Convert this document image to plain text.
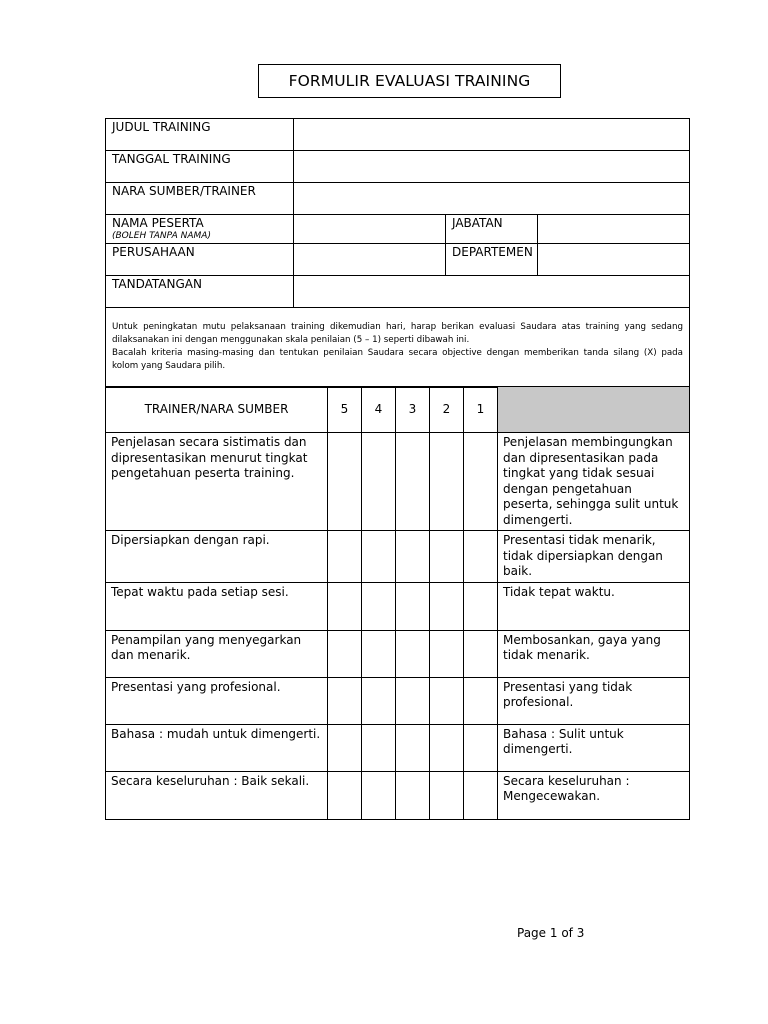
FORMULIR EVALUASI TRAINING
JUDUL TRAINING			
TANGGAL TRAINING			
NARA SUMBER/TRAINER			
NAMA PESERTA
(BOLEH TANPA NAMA)		JABATAN	
PERUSAHAAN		DEPARTEMEN	
TANDATANGAN			

Untuk peningkatan mutu pelaksanaan training dikemudian hari, harap berikan evaluasi Saudara atas training yang sedang dilaksanakan ini dengan menggunakan skala penilaian (5 – 1) seperti dibawah ini.
Bacalah kriteria masing-masing dan tentukan penilaian Saudara secara objective dengan memberikan tanda silang (X) pada kolom yang Saudara pilih.			
TRAINER/NARA SUMBER	5	4	3	2	1	
Penjelasan secara sistimatis dan dipresentasikan menurut tingkat pengetahuan peserta training.						Penjelasan membingungkan dan dipresentasikan pada tingkat yang tidak sesuai dengan pengetahuan peserta, sehingga sulit untuk dimengerti.
Dipersiapkan dengan rapi.						Presentasi tidak menarik, tidak dipersiapkan dengan baik.
Tepat waktu pada setiap sesi.						Tidak tepat waktu.
Penampilan yang menyegarkan dan menarik.						Membosankan, gaya yang tidak menarik.
Presentasi yang profesional.						Presentasi yang tidak profesional.
Bahasa : mudah untuk dimengerti.						Bahasa : Sulit untuk dimengerti.
Secara keseluruhan : Baik sekali.						Secara keseluruhan : Mengecewakan.
Page 1 of 3
